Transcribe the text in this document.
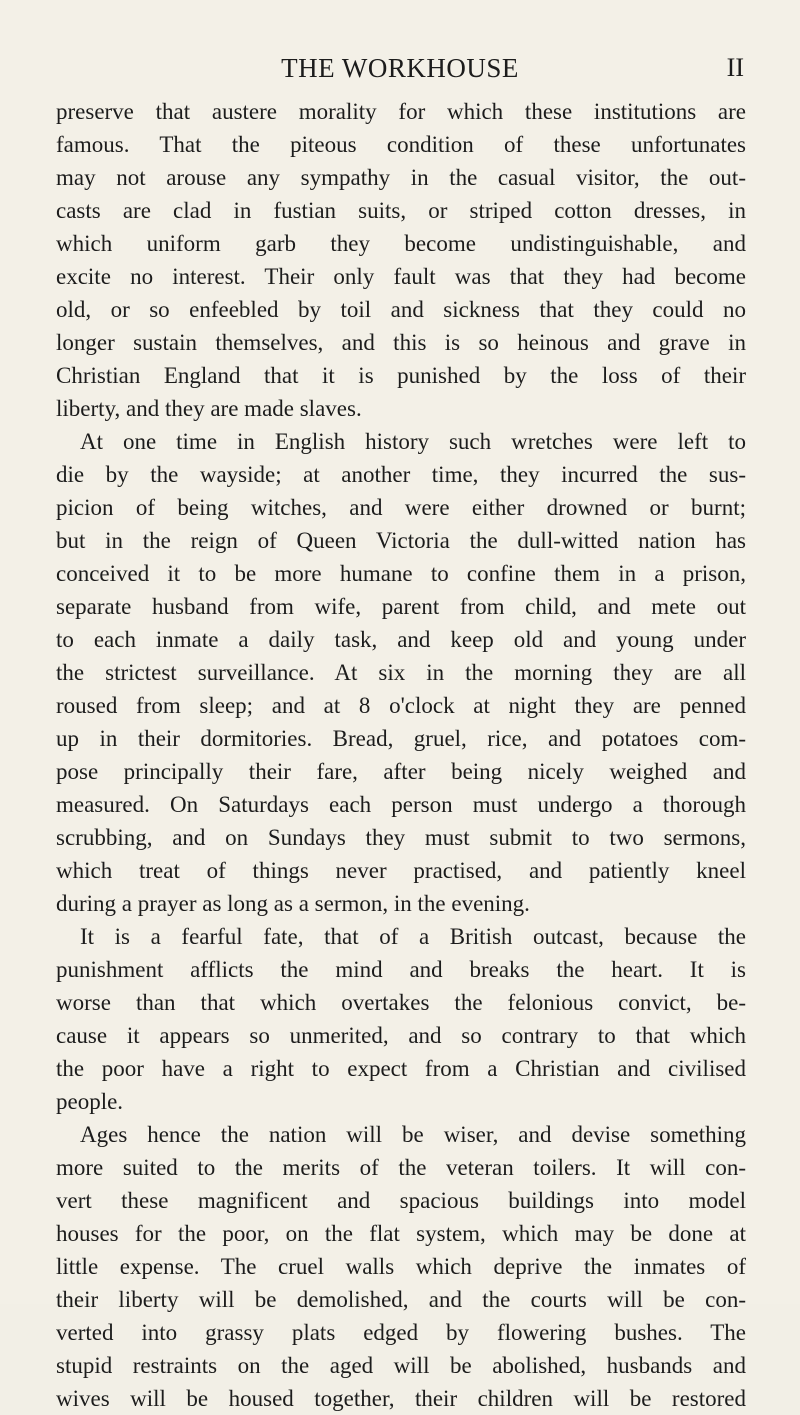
THE WORKHOUSE	II
preserve that austere morality for which these institutions are
famous. That the piteous condition of these unfortunates
may not arouse any sympathy in the casual visitor, the out-
casts are clad in fustian suits, or striped cotton dresses, in
which uniform garb they become undistinguishable, and
excite no interest. Their only fault was that they had become
old, or so enfeebled by toil and sickness that they could no
longer sustain themselves, and this is so heinous and grave in
Christian England that it is punished by the loss of their
liberty, and they are made slaves.
At one time in English history such wretches were left to
die by the wayside; at another time, they incurred the sus-
picion of being witches, and were either drowned or burnt;
but in the reign of Queen Victoria the dull-witted nation has
conceived it to be more humane to confine them in a prison,
separate husband from wife, parent from child, and mete out
to each inmate a daily task, and keep old and young under
the strictest surveillance. At six in the morning they are all
roused from sleep; and at 8 o'clock at night they are penned
up in their dormitories. Bread, gruel, rice, and potatoes com-
pose principally their fare, after being nicely weighed and
measured. On Saturdays each person must undergo a thorough
scrubbing, and on Sundays they must submit to two sermons,
which treat of things never practised, and patiently kneel
during a prayer as long as a sermon, in the evening.
It is a fearful fate, that of a British outcast, because the
punishment afflicts the mind and breaks the heart. It is
worse than that which overtakes the felonious convict, be-
cause it appears so unmerited, and so contrary to that which
the poor have a right to expect from a Christian and civilised
people.
Ages hence the nation will be wiser, and devise something
more suited to the merits of the veteran toilers. It will con-
vert these magnificent and spacious buildings into model
houses for the poor, on the flat system, which may be done at
little expense. The cruel walls which deprive the inmates of
their liberty will be demolished, and the courts will be con-
verted into grassy plats edged by flowering bushes. The
stupid restraints on the aged will be abolished, husbands and
wives will be housed together, their children will be restored
